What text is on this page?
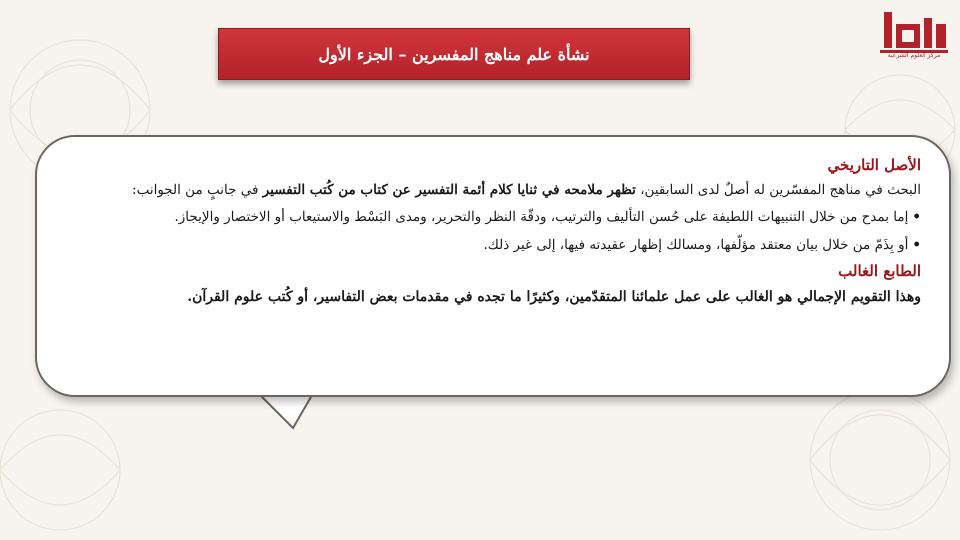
مركز العلوم الشرعية
نشأة علم مناهج المفسرين – الجزء الأول

الأصل التاريخي

البحث في مناهج المفسّرين له أصلٌ لدى السابقين، تظهر ملامحه في ثنايا كلام أئمة التفسير عن كتاب من كُتب التفسير في جانبٍ من الجوانب:

•إما بمدح من خلال التنبيهات اللطيفة على حُسن التأليف والترتيب، ودقّة النظر والتحرير، ومدى البَسْط والاستيعاب أو الاختصار والإيجاز.

•أو بِذَمّ من خلال بيان معتقد مؤلّفها، ومسالك إظهار عقيدته فيها، إلى غير ذلك.

الطابع الغالب

وهذا التقويم الإجمالي هو الغالب على عمل علمائنا المتقدّمين، وكثيرًا ما تجده في مقدمات بعض التفاسير، أو كُتب علوم القرآن.
